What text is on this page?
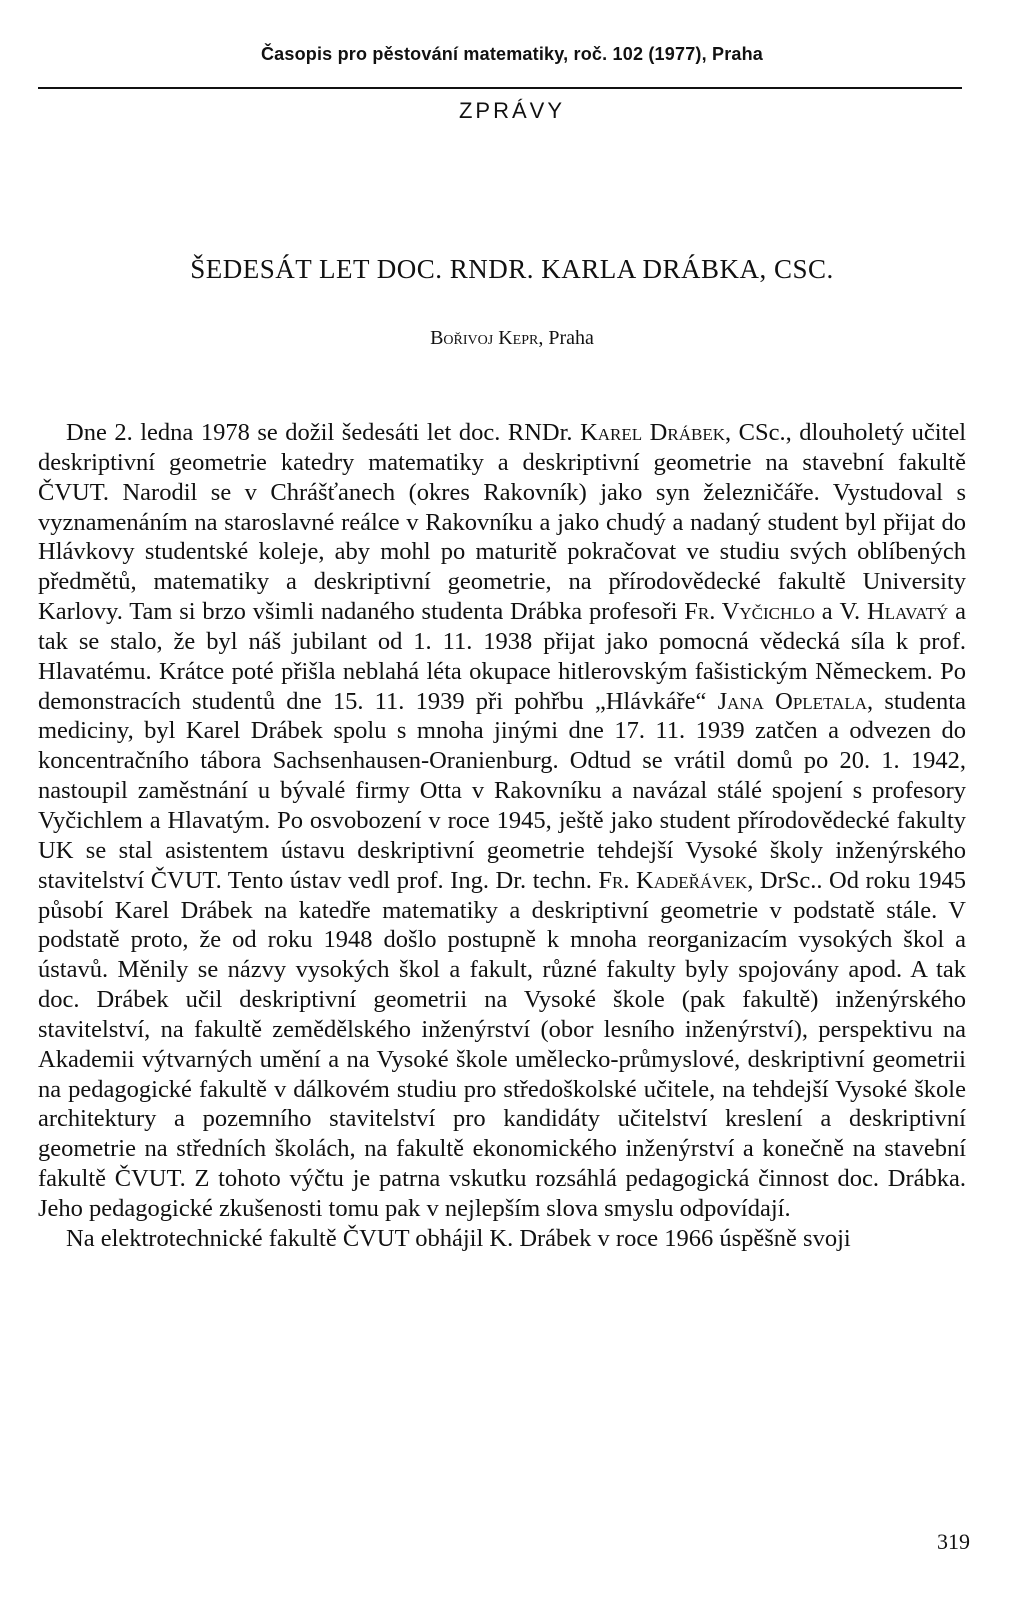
Časopis pro pěstování matematiky, roč. 102 (1977), Praha
ZPRÁVY
ŠEDESÁT LET DOC. RNDR. KARLA DRÁBKA, CSC.
Bořivoj Kepr, Praha

Dne 2. ledna 1978 se dožil šedesáti let doc. RNDr. Karel Drábek, CSc., dlouholetý učitel deskriptivní geometrie katedry matematiky a deskriptivní geometrie na stavební fakultě ČVUT. Narodil se v Chrášťanech (okres Rakovník) jako syn železničáře. Vystudoval s vyznamenáním na staroslavné reálce v Rakovníku a jako chudý a nadaný student byl přijat do Hlávkovy studentské koleje, aby mohl po maturitě pokračovat ve studiu svých oblíbených předmětů, matematiky a deskriptivní geometrie, na přírodovědecké fakultě University Karlovy. Tam si brzo všimli nadaného studenta Drábka profesoři Fr. Vyčichlo a V. Hlavatý a tak se stalo, že byl náš jubilant od 1. 11. 1938 přijat jako pomocná vědecká síla k prof. Hlavatému. Krátce poté přišla neblahá léta okupace hitlerovským fašistickým Německem. Po demonstracích studentů dne 15. 11. 1939 při pohřbu „Hlávkáře“ Jana Opletala, studenta mediciny, byl Karel Drábek spolu s mnoha jinými dne 17. 11. 1939 zatčen a odvezen do koncentračního tábora Sachsenhausen-Oranienburg. Odtud se vrátil domů po 20. 1. 1942, nastoupil zaměstnání u bývalé firmy Otta v Rakovníku a navázal stálé spojení s profesory Vyčichlem a Hlavatým. Po osvobození v roce 1945, ještě jako student přírodovědecké fakulty UK se stal asistentem ústavu deskriptivní geometrie tehdejší Vysoké školy inženýrského stavitelství ČVUT. Tento ústav vedl prof. Ing. Dr. techn. Fr. Kadeřávek, DrSc.. Od roku 1945 působí Karel Drábek na katedře matematiky a deskriptivní geometrie v podstatě stále. V podstatě proto, že od roku 1948 došlo postupně k mnoha reorganizacím vysokých škol a ústavů. Měnily se názvy vysokých škol a fakult, různé fakulty byly spojovány apod. A tak doc. Drábek učil deskriptivní geometrii na Vysoké škole (pak fakultě) inženýrského stavitelství, na fakultě zemědělského inženýrství (obor lesního inženýrství), perspektivu na Akademii výtvarných umění a na Vysoké škole umělecko-průmyslové, deskriptivní geometrii na pedagogické fakultě v dálkovém studiu pro středoškolské učitele, na tehdejší Vysoké škole architektury a pozemního stavitelství pro kandidáty učitelství kreslení a deskriptivní geometrie na středních školách, na fakultě ekonomického inženýrství a konečně na stavební fakultě ČVUT. Z tohoto výčtu je patrna vskutku rozsáhlá pedagogická činnost doc. Drábka. Jeho pedagogické zkušenosti tomu pak v nejlepším slova smyslu odpovídají.

Na elektrotechnické fakultě ČVUT obhájil K. Drábek v roce 1966 úspěšně svoji

319
